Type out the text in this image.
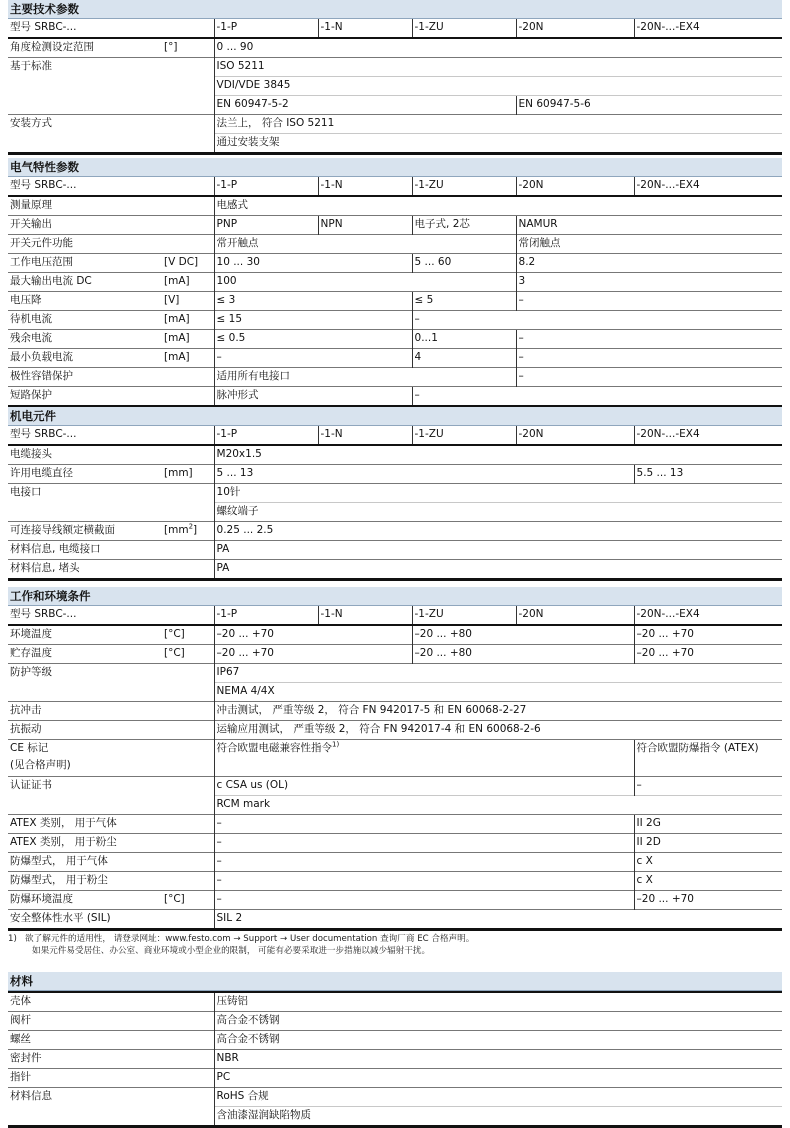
主要技术参数
型号 SRBC-...		-1-P	-1-N	-1-ZU	-20N	-20N-...-EX4
角度检测设定范围	[°]	0 ... 90				
基于标准		ISO 5211				
		VDI/VDE 3845				
		EN 60947-5-2			EN 60947-5-6	
安装方式		法兰上， 符合 ISO 5211				
		通过安装支架				
电气特性参数
型号 SRBC-...		-1-P	-1-N	-1-ZU	-20N	-20N-...-EX4
测量原理		电感式				
开关输出		PNP	NPN	电子式, 2芯	NAMUR	
开关元件功能		常开触点			常闭触点	
工作电压范围	[V DC]	10 ... 30		5 ... 60	8.2	
最大输出电流 DC	[mA]	100			3	
电压降	[V]	≤ 3		≤ 5	–	
待机电流	[mA]	≤ 15		–		
残余电流	[mA]	≤ 0.5		0...1	–	
最小负载电流	[mA]	–		4	–	
极性容错保护		适用所有电接口			–	
短路保护		脉冲形式		–		
机电元件
型号 SRBC-...		-1-P	-1-N	-1-ZU	-20N	-20N-...-EX4
电缆接头		M20x1.5				
许用电缆直径	[mm]	5 ... 13				5.5 ... 13
电接口		10针				
		螺纹端子				
可连接导线额定横截面	$[mm^2]$	0.25 ... 2.5				
材料信息, 电缆接口		PA				
材料信息, 堵头		PA				
工作和环境条件
型号 SRBC-...		-1-P	-1-N	-1-ZU	-20N	-20N-...-EX4
环境温度	[°C]	–20 ... +70		–20 ... +80		–20 ... +70
贮存温度	[°C]	–20 ... +70		–20 ... +80		–20 ... +70
防护等级		IP67				
		NEMA 4/4X				
抗冲击		冲击测试， 严重等级 2， 符合 FN 942017-5 和 EN 60068-2-27				
抗振动		运输应用测试， 严重等级 2， 符合 FN 942017-4 和 EN 60068-2-6				

CE 标记
(见合格声明)		符合欧盟电磁兼容性指令$^{1)}$				符合欧盟防爆指令 (ATEX)
认证证书		c CSA us (OL)				–
		RCM mark				
ATEX 类别， 用于气体		–				II 2G
ATEX 类别， 用于粉尘		–				II 2D
防爆型式， 用于气体		–				c X
防爆型式， 用于粉尘		–				c X
防爆环境温度	[°C]	–				–20 ... +70
安全整体性水平 (SIL)		SIL 2				
1) 欲了解元件的适用性， 请登录网址：www.festo.com → Support → User documentation 查询厂商 EC 合格声明。
如果元件易受居住、办公室、商业环境或小型企业的限制， 可能有必要采取进一步措施以减少辐射干扰。
材料
壳体	压铸铝
阀杆	高合金不锈钢
螺丝	高合金不锈钢
密封件	NBR
指针	PC
材料信息	RoHS 合规
	含油漆湿润缺陷物质
